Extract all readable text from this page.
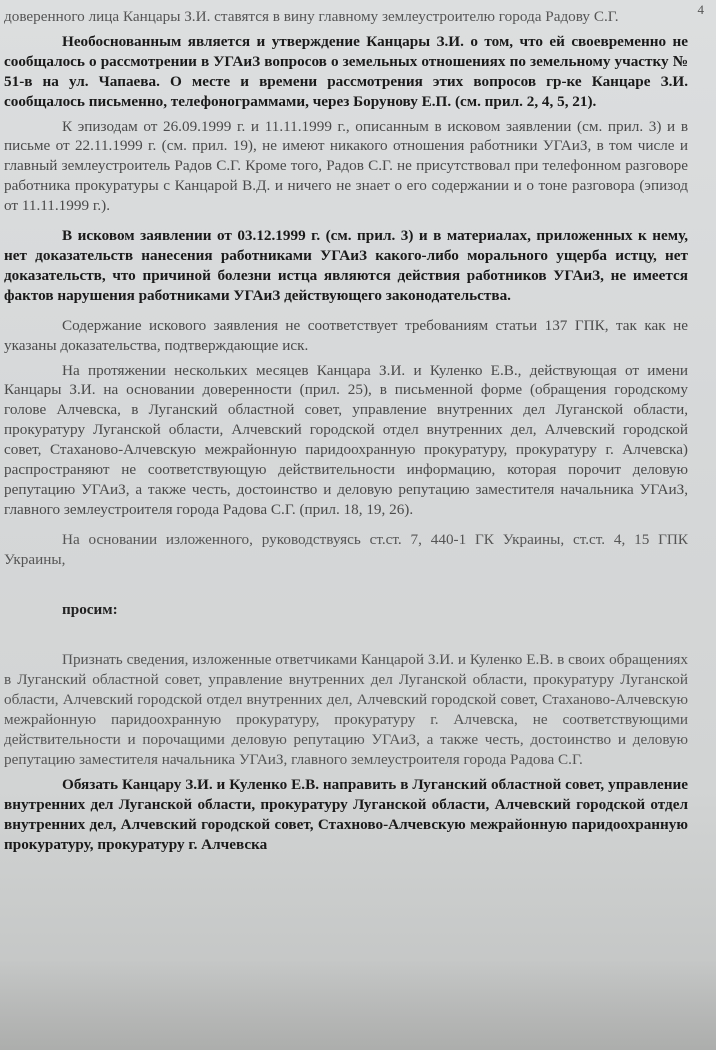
4

доверенного лица Канцары З.И. ставятся в вину главному землеустроителю города Радову С.Г.

Необоснованным является и утверждение Канцары З.И. о том, что ей своевременно не сообщалось о рассмотрении в УГАиЗ вопросов о земельных отношениях по земельному участку № 51-в на ул. Чапаева. О месте и времени рассмотрения этих вопросов гр-ке Канцаре З.И. сообщалось письменно, телефонограммами, через Борунову Е.П. (см. прил. 2, 4, 5, 21).

К эпизодам от 26.09.1999 г. и 11.11.1999 г., описанным в исковом заявлении (см. прил. 3) и в письме от 22.11.1999 г. (см. прил. 19), не имеют никакого отношения работники УГАиЗ, в том числе и главный землеустроитель Радов С.Г. Кроме того, Радов С.Г. не присутствовал при телефонном разговоре работника прокуратуры с Канцарой В.Д. и ничего не знает о его содержании и о тоне разговора (эпизод от 11.11.1999 г.).

В исковом заявлении от 03.12.1999 г. (см. прил. 3) и в материалах, приложенных к нему, нет доказательств нанесения работниками УГАиЗ какого-либо морального ущерба истцу, нет доказательств, что причиной болезни истца являются действия работников УГАиЗ, не имеется фактов нарушения работниками УГАиЗ действующего законодательства.

Содержание искового заявления не соответствует требованиям статьи 137 ГПК, так как не указаны доказательства, подтверждающие иск.

На протяжении нескольких месяцев Канцара З.И. и Куленко Е.В., действующая от имени Канцары З.И. на основании доверенности (прил. 25), в письменной форме (обращения городскому голове Алчевска, в Луганский областной совет, управление внутренних дел Луганской области, прокуратуру Луганской области, Алчевский городской отдел внутренних дел, Алчевский городской совет, Стахановo-Алчевскую межрайонную паридоохранную прокуратуру, прокуратуру г. Алчевска) распространяют не соответствующую действительности информацию, которая порочит деловую репутацию УГАиЗ, а также честь, достоинство и деловую репутацию заместителя начальника УГАиЗ, главного землеустроителя города Радова С.Г. (прил. 18, 19, 26).

На основании изложенного, руководствуясь ст.ст. 7, 440-1 ГК Украины, ст.ст. 4, 15 ГПК Украины,

просим:

Признать сведения, изложенные ответчиками Канцарой З.И. и Куленко Е.В. в своих обращениях в Луганский областной совет, управление внутренних дел Луганской области, прокуратуру Луганской области, Алчевский городской отдел внутренних дел, Алчевский городской совет, Стаханово-Алчевскую межрайонную паридоохранную прокуратуру, прокуратуру г. Алчевска, не соответствующими действительности и порочащими деловую репутацию УГАиЗ, а также честь, достоинство и деловую репутацию заместителя начальника УГАиЗ, главного землеустроителя города Радова С.Г.

Обязать Канцару З.И. и Куленко Е.В. направить в Луганский областной совет, управление внутренних дел Луганской области, прокуратуру Луганской области, Алчевский городской отдел внутренних дел, Алчевский городской совет, Стахново-Алчевскую межрайонную паридоохранную прокуратуру, прокуратуру г. Алчевска
